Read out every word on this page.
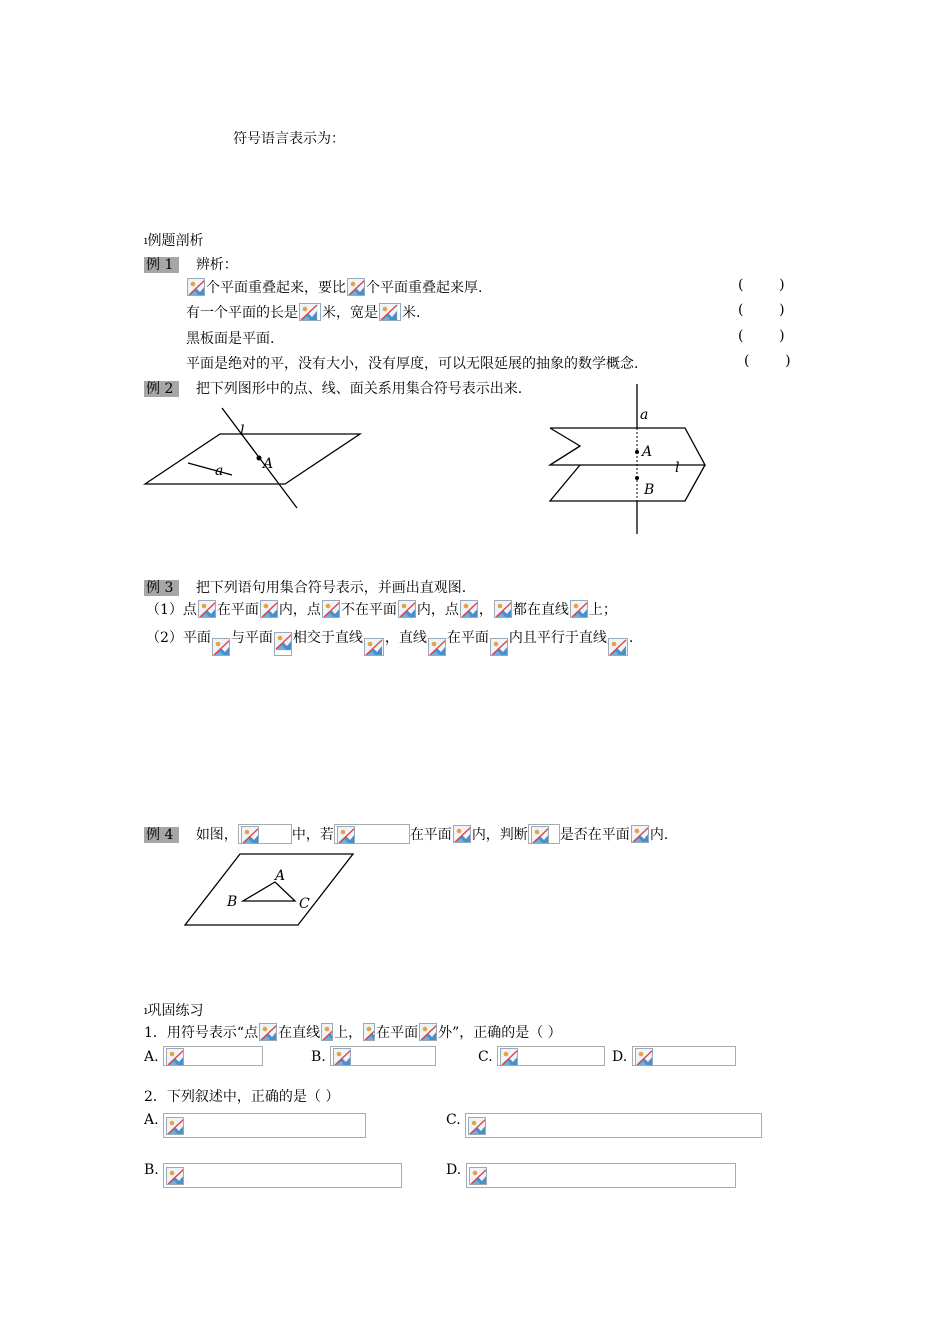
符号语言表示为：
ı例题剖析
例 1 辨析：
个平面重叠起来，要比 个平面重叠起来厚.	(        )
有一个平面的长是 米，宽是 米.	(        )
黑板面是平面.	(        )
平面是绝对的平，没有大小，没有厚度，可以无限延展的抽象的数学概念.	(        )
例 2 把下列图形中的点、线、面关系用集合符号表示出来.
l
A
a
a
A
l
B
例 3 把下列语句用集合符号表示，并画出直观图.
（1）点 在平面 内，点 不在平面 内，点 ， 都在直线 上；
（2）平面 与平面 相交于直线 ，直线 在平面 内且平行于直线 .
例 4 如图，	中，若	在平面 内，判断 是否在平面 内.
A
B	C
ı巩固练习
1．用符号表示“点 在直线 上， 在平面 外”，正确的是（ ）
A.	B.	C.	D.
2．下列叙述中，正确的是（ ）
A.	C.
B.	D.
